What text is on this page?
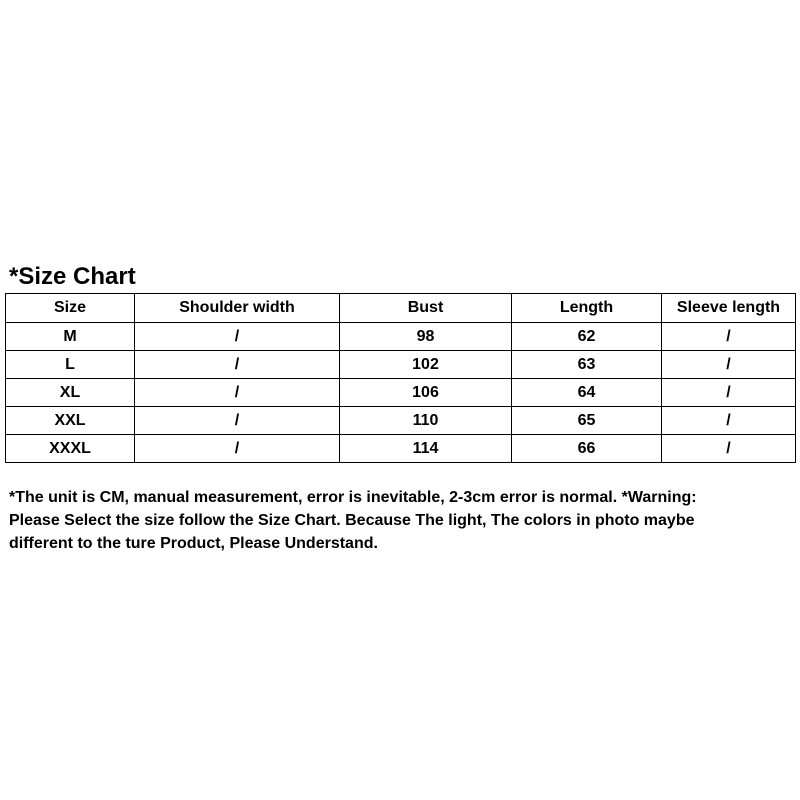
*Size Chart
Size	Shoulder width	Bust	Length	Sleeve length
M	/	98	62	/
L	/	102	63	/
XL	/	106	64	/
XXL	/	110	65	/
XXXL	/	114	66	/
*The unit is CM, manual measurement, error is inevitable, 2-3cm error is normal. *Warning:
Please Select the size follow the Size Chart. Because The light, The colors in photo maybe
different to the ture Product, Please Understand.
